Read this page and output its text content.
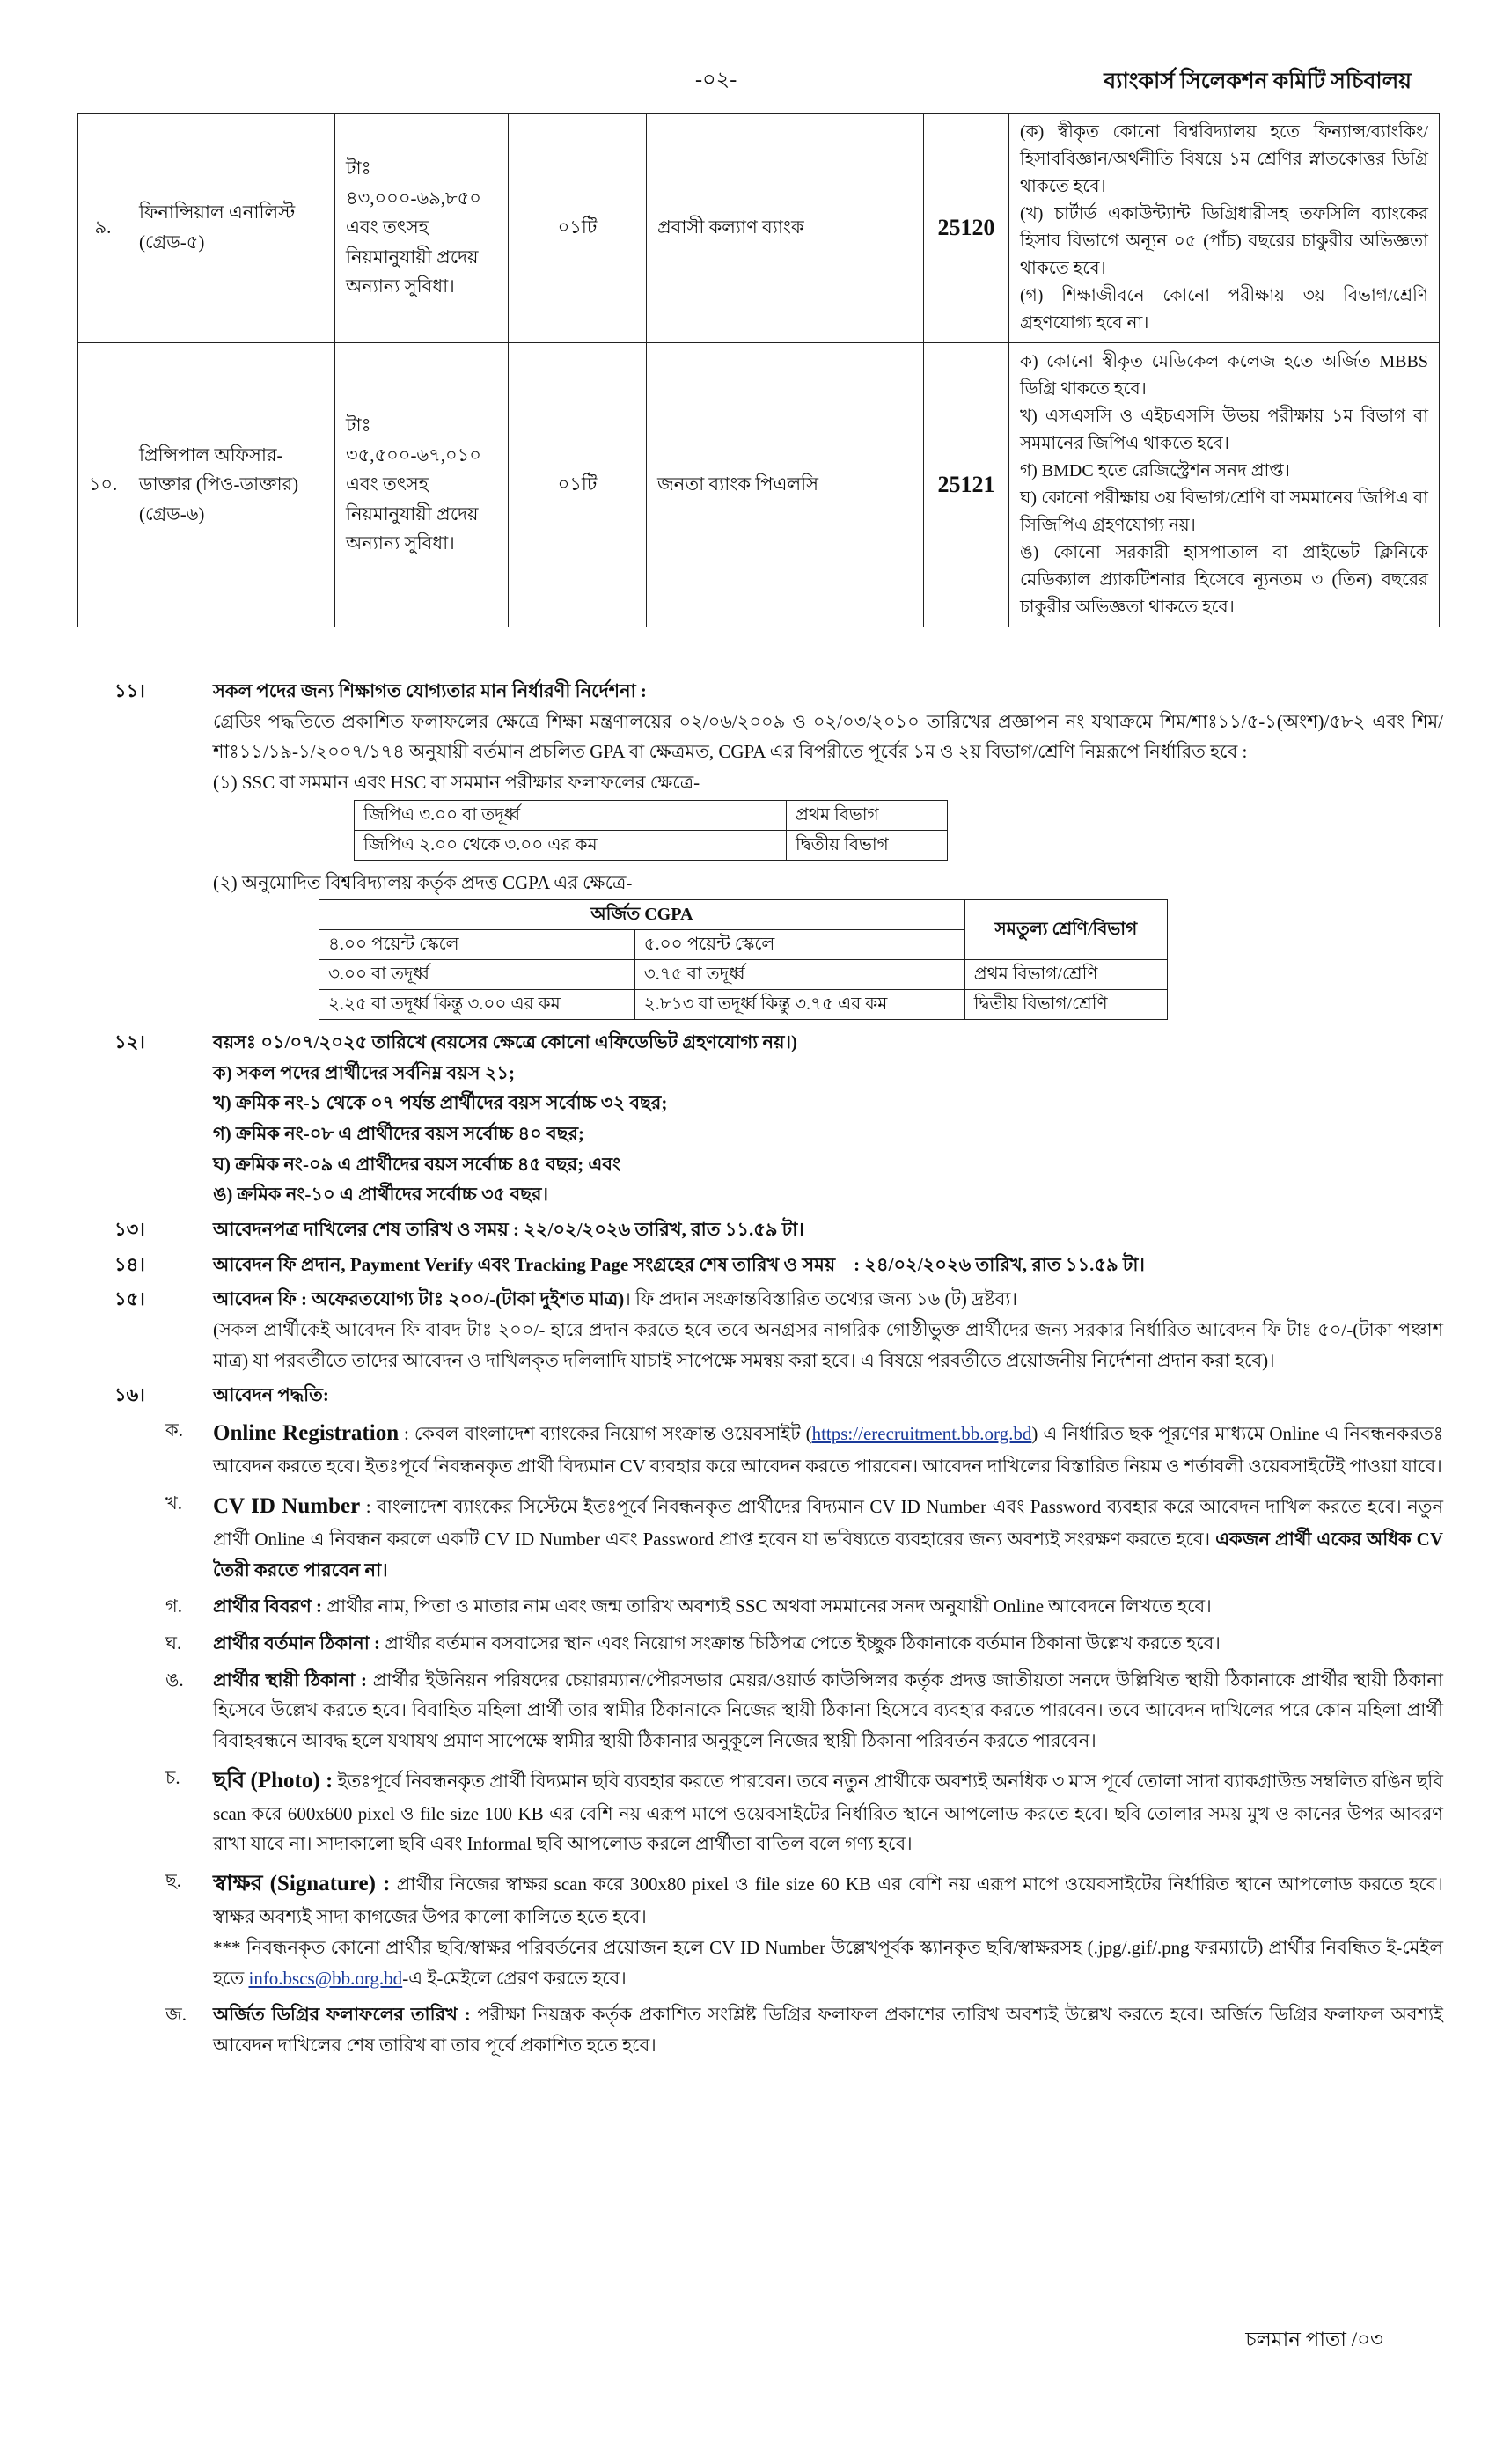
-০২-	ব্যাংকার্স সিলেকশন কমিটি সচিবালয়
৯.	ফিনান্সিয়াল এনালিস্ট (গ্রেড-৫)	টাঃ ৪৩,০০০-৬৯,৮৫০ এবং তৎসহ নিয়মানুযায়ী প্রদেয় অন্যান্য সুবিধা।	০১টি	প্রবাসী কল্যাণ ব্যাংক	25120	(ক) স্বীকৃত কোনো বিশ্ববিদ্যালয় হতে ফিন্যান্স/ব্যাংকিং/হিসাববিজ্ঞান/অর্থনীতি বিষয়ে ১ম শ্রেণির স্নাতকোত্তর ডিগ্রি থাকতে হবে।

(খ) চার্টার্ড একাউন্ট্যান্ট ডিগ্রিধারীসহ তফসিলি ব্যাংকের হিসাব বিভাগে অন্যূন ০৫ (পাঁচ) বছরের চাকুরীর অভিজ্ঞতা থাকতে হবে।

(গ) শিক্ষাজীবনে কোনো পরীক্ষায় ৩য় বিভাগ/শ্রেণি গ্রহণযোগ্য হবে না।

১০.	প্রিন্সিপাল অফিসার-ডাক্তার (পিও-ডাক্তার) (গ্রেড-৬)	টাঃ ৩৫,৫০০-৬৭,০১০ এবং তৎসহ নিয়মানুযায়ী প্রদেয় অন্যান্য সুবিধা।	০১টি	জনতা ব্যাংক পিএলসি	25121	ক) কোনো স্বীকৃত মেডিকেল কলেজ হতে অর্জিত MBBS ডিগ্রি থাকতে হবে।

খ) এসএসসি ও এইচএসসি উভয় পরীক্ষায় ১ম বিভাগ বা সমমানের জিপিএ থাকতে হবে।

গ) BMDC হতে রেজিস্ট্রেশন সনদ প্রাপ্ত।

ঘ) কোনো পরীক্ষায় ৩য় বিভাগ/শ্রেণি বা সমমানের জিপিএ বা সিজিপিএ গ্রহণযোগ্য নয়।

ঙ) কোনো সরকারী হাসপাতাল বা প্রাইভেট ক্লিনিকে মেডিক্যাল প্র্যাকটিশনার হিসেবে ন্যূনতম ৩ (তিন) বছরের চাকুরীর অভিজ্ঞতা থাকতে হবে।

১১।	সকল পদের জন্য শিক্ষাগত যোগ্যতার মান নির্ধারণী নির্দেশনা :
গ্রেডিং পদ্ধতিতে প্রকাশিত ফলাফলের ক্ষেত্রে শিক্ষা মন্ত্রণালয়ের ০২/০৬/২০০৯ ও ০২/০৩/২০১০ তারিখের প্রজ্ঞাপন নং যথাক্রমে শিম/শাঃ১১/৫-১(অংশ)/৫৮২ এবং শিম/শাঃ১১/১৯-১/২০০৭/১৭৪ অনুযায়ী বর্তমান প্রচলিত GPA বা ক্ষেত্রমত, CGPA এর বিপরীতে পূর্বের ১ম ও ২য় বিভাগ/শ্রেণি নিম্নরূপে নির্ধারিত হবে :
(১) SSC বা সমমান এবং HSC বা সমমান পরীক্ষার ফলাফলের ক্ষেত্রে-
জিপিএ ৩.০০ বা তদূর্ধ্ব	প্রথম বিভাগ
জিপিএ ২.০০ থেকে ৩.০০ এর কম	দ্বিতীয় বিভাগ
(২) অনুমোদিত বিশ্ববিদ্যালয় কর্তৃক প্রদত্ত CGPA এর ক্ষেত্রে-
অর্জিত CGPA		সমতুল্য শ্রেণি/বিভাগ
৪.০০ পয়েন্ট স্কেলে	৫.০০ পয়েন্ট স্কেলে	
৩.০০ বা তদূর্ধ্ব	৩.৭৫ বা তদূর্ধ্ব	প্রথম বিভাগ/শ্রেণি
২.২৫ বা তদূর্ধ্ব কিন্তু ৩.০০ এর কম	২.৮১৩ বা তদূর্ধ্ব কিন্তু ৩.৭৫ এর কম	দ্বিতীয় বিভাগ/শ্রেণি
১২।	বয়সঃ ০১/০৭/২০২৫ তারিখে (বয়সের ক্ষেত্রে কোনো এফিডেভিট গ্রহণযোগ্য নয়।)
ক) সকল পদের প্রার্থীদের সর্বনিম্ন বয়স ২১;
খ) ক্রমিক নং-১ থেকে ০৭ পর্যন্ত প্রার্থীদের বয়স সর্বোচ্চ ৩২ বছর;
গ) ক্রমিক নং-০৮ এ প্রার্থীদের বয়স সর্বোচ্চ ৪০ বছর;
ঘ) ক্রমিক নং-০৯ এ প্রার্থীদের বয়স সর্বোচ্চ ৪৫ বছর; এবং
ঙ) ক্রমিক নং-১০ এ প্রার্থীদের সর্বোচ্চ ৩৫ বছর।
১৩।	আবেদনপত্র দাখিলের শেষ তারিখ ও সময় : ২২/০২/২০২৬ তারিখ, রাত ১১.৫৯ টা।
১৪।	আবেদন ফি প্রদান, Payment Verify এবং Tracking Page সংগ্রহের শেষ তারিখ ও সময় : ২৪/০২/২০২৬ তারিখ, রাত ১১.৫৯ টা।
১৫।	আবেদন ফি : অফেরতযোগ্য টাঃ ২০০/-(টাকা দুইশত মাত্র)। ফি প্রদান সংক্রান্তবিস্তারিত তথ্যের জন্য ১৬ (ট) দ্রষ্টব্য।
(সকল প্রার্থীকেই আবেদন ফি বাবদ টাঃ ২০০/- হারে প্রদান করতে হবে তবে অনগ্রসর নাগরিক গোষ্ঠীভুক্ত প্রার্থীদের জন্য সরকার নির্ধারিত আবেদন ফি টাঃ ৫০/-(টাকা পঞ্চাশ মাত্র) যা পরবর্তীতে তাদের আবেদন ও দাখিলকৃত দলিলাদি যাচাই সাপেক্ষে সমন্বয় করা হবে। এ বিষয়ে পরবর্তীতে প্রয়োজনীয় নির্দেশনা প্রদান করা হবে)।
১৬।	আবেদন পদ্ধতি:
ক. Online Registration : কেবল বাংলাদেশ ব্যাংকের নিয়োগ সংক্রান্ত ওয়েবসাইট (https://erecruitment.bb.org.bd) এ নির্ধারিত ছক পূরণের মাধ্যমে Online এ নিবন্ধনকরতঃ আবেদন করতে হবে। ইতঃপূর্বে নিবন্ধনকৃত প্রার্থী বিদ্যমান CV ব্যবহার করে আবেদন করতে পারবেন। আবেদন দাখিলের বিস্তারিত নিয়ম ও শর্তাবলী ওয়েবসাইটেই পাওয়া যাবে।
খ. CV ID Number : বাংলাদেশ ব্যাংকের সিস্টেমে ইতঃপূর্বে নিবন্ধনকৃত প্রার্থীদের বিদ্যমান CV ID Number এবং Password ব্যবহার করে আবেদন দাখিল করতে হবে। নতুন প্রার্থী Online এ নিবন্ধন করলে একটি CV ID Number এবং Password প্রাপ্ত হবেন যা ভবিষ্যতে ব্যবহারের জন্য অবশ্যই সংরক্ষণ করতে হবে। একজন প্রার্থী একের অধিক CV তৈরী করতে পারবেন না।
গ. প্রার্থীর বিবরণ : প্রার্থীর নাম, পিতা ও মাতার নাম এবং জন্ম তারিখ অবশ্যই SSC অথবা সমমানের সনদ অনুযায়ী Online আবেদনে লিখতে হবে।
ঘ. প্রার্থীর বর্তমান ঠিকানা : প্রার্থীর বর্তমান বসবাসের স্থান এবং নিয়োগ সংক্রান্ত চিঠিপত্র পেতে ইচ্ছুক ঠিকানাকে বর্তমান ঠিকানা উল্লেখ করতে হবে।
ঙ. প্রার্থীর স্থায়ী ঠিকানা : প্রার্থীর ইউনিয়ন পরিষদের চেয়ারম্যান/পৌরসভার মেয়র/ওয়ার্ড কাউন্সিলর কর্তৃক প্রদত্ত জাতীয়তা সনদে উল্লিখিত স্থায়ী ঠিকানাকে প্রার্থীর স্থায়ী ঠিকানা হিসেবে উল্লেখ করতে হবে। বিবাহিত মহিলা প্রার্থী তার স্বামীর ঠিকানাকে নিজের স্থায়ী ঠিকানা হিসেবে ব্যবহার করতে পারবেন। তবে আবেদন দাখিলের পরে কোন মহিলা প্রার্থী বিবাহবন্ধনে আবদ্ধ হলে যথাযথ প্রমাণ সাপেক্ষে স্বামীর স্থায়ী ঠিকানার অনুকূলে নিজের স্থায়ী ঠিকানা পরিবর্তন করতে পারবেন।
চ. ছবি (Photo) : ইতঃপূর্বে নিবন্ধনকৃত প্রার্থী বিদ্যমান ছবি ব্যবহার করতে পারবেন। তবে নতুন প্রার্থীকে অবশ্যই অনধিক ৩ মাস পূর্বে তোলা সাদা ব্যাকগ্রাউন্ড সম্বলিত রঙিন ছবি scan করে 600x600 pixel ও file size 100 KB এর বেশি নয় এরূপ মাপে ওয়েবসাইটের নির্ধারিত স্থানে আপলোড করতে হবে। ছবি তোলার সময় মুখ ও কানের উপর আবরণ রাখা যাবে না। সাদাকালো ছবি এবং Informal ছবি আপলোড করলে প্রার্থীতা বাতিল বলে গণ্য হবে।
ছ. স্বাক্ষর (Signature) : প্রার্থীর নিজের স্বাক্ষর scan করে 300x80 pixel ও file size 60 KB এর বেশি নয় এরূপ মাপে ওয়েবসাইটের নির্ধারিত স্থানে আপলোড করতে হবে। স্বাক্ষর অবশ্যই সাদা কাগজের উপর কালো কালিতে হতে হবে।
*** নিবন্ধনকৃত কোনো প্রার্থীর ছবি/স্বাক্ষর পরিবর্তনের প্রয়োজন হলে CV ID Number উল্লেখপূর্বক স্ক্যানকৃত ছবি/স্বাক্ষরসহ (.jpg/.gif/.png ফরম্যাটে) প্রার্থীর নিবন্ধিত ই-মেইল হতে info.bscs@bb.org.bd-এ ই-মেইলে প্রেরণ করতে হবে।
জ. অর্জিত ডিগ্রির ফলাফলের তারিখ : পরীক্ষা নিয়ন্ত্রক কর্তৃক প্রকাশিত সংশ্লিষ্ট ডিগ্রির ফলাফল প্রকাশের তারিখ অবশ্যই উল্লেখ করতে হবে। অর্জিত ডিগ্রির ফলাফল অবশ্যই আবেদন দাখিলের শেষ তারিখ বা তার পূর্বে প্রকাশিত হতে হবে।
চলমান পাতা /০৩
